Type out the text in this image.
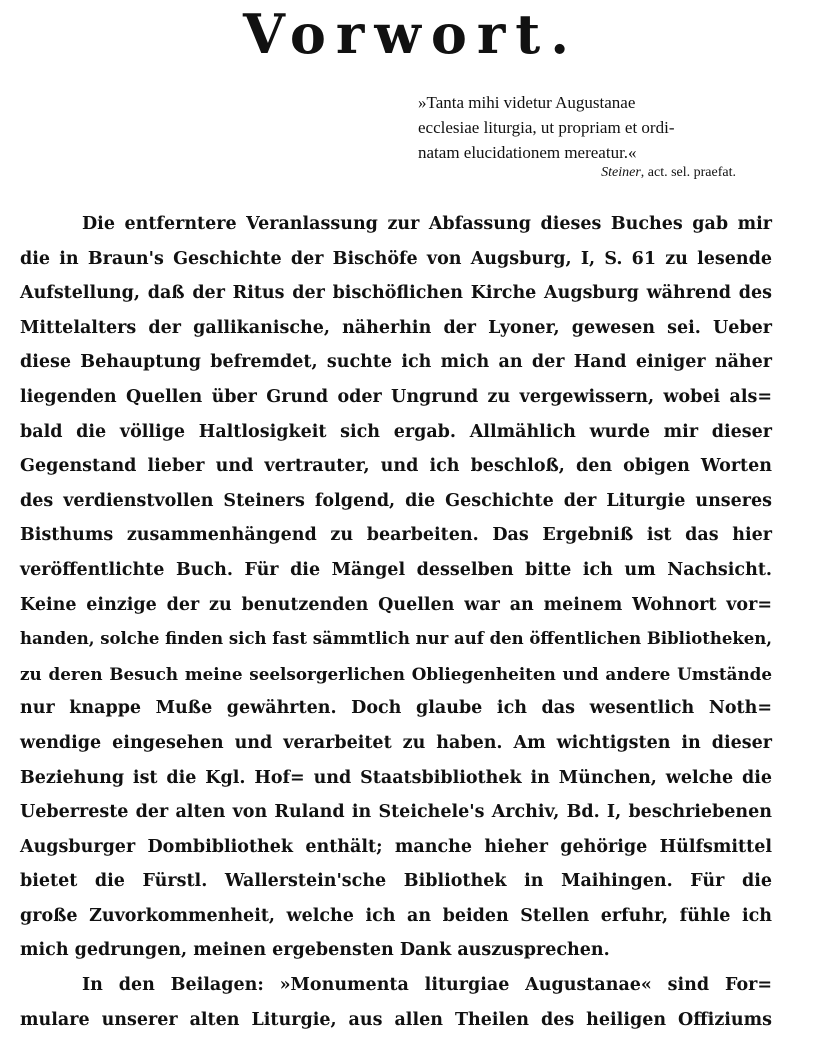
Vorwort.
»Tanta mihi videtur Augustanae
ecclesiae liturgia, ut propriam et ordi-
natam elucidationem mereatur.«
Steiner, act. sel. praefat.
Die entferntere Veranlassung zur Abfassung dieses Buches gab mir
die in Braun's Geschichte der Bischöfe von Augsburg, I, S. 61 zu lesende
Aufstellung, daß der Ritus der bischöflichen Kirche Augsburg während des
Mittelalters der gallikanische, näherhin der Lyoner, gewesen sei. Ueber
diese Behauptung befremdet, suchte ich mich an der Hand einiger näher
liegenden Quellen über Grund oder Ungrund zu vergewissern, wobei als=
bald die völlige Haltlosigkeit sich ergab. Allmählich wurde mir dieser
Gegenstand lieber und vertrauter, und ich beschloß, den obigen Worten
des verdienstvollen Steiners folgend, die Geschichte der Liturgie unseres
Bisthums zusammenhängend zu bearbeiten. Das Ergebniß ist das hier
veröffentlichte Buch. Für die Mängel desselben bitte ich um Nachsicht.
Keine einzige der zu benutzenden Quellen war an meinem Wohnort vor=
handen, solche finden sich fast sämmtlich nur auf den öffentlichen Bibliotheken,
zu deren Besuch meine seelsorgerlichen Obliegenheiten und andere Umstände
nur knappe Muße gewährten. Doch glaube ich das wesentlich Noth=
wendige eingesehen und verarbeitet zu haben. Am wichtigsten in dieser
Beziehung ist die Kgl. Hof= und Staatsbibliothek in München, welche die
Ueberreste der alten von Ruland in Steichele's Archiv, Bd. I, beschriebenen
Augsburger Dombibliothek enthält; manche hieher gehörige Hülfsmittel
bietet die Fürstl. Wallerstein'sche Bibliothek in Maihingen. Für die
große Zuvorkommenheit, welche ich an beiden Stellen erfuhr, fühle ich
mich gedrungen, meinen ergebensten Dank auszusprechen.
In den Beilagen: »Monumenta liturgiae Augustanae« sind For=
mulare unserer alten Liturgie, aus allen Theilen des heiligen Offiziums
